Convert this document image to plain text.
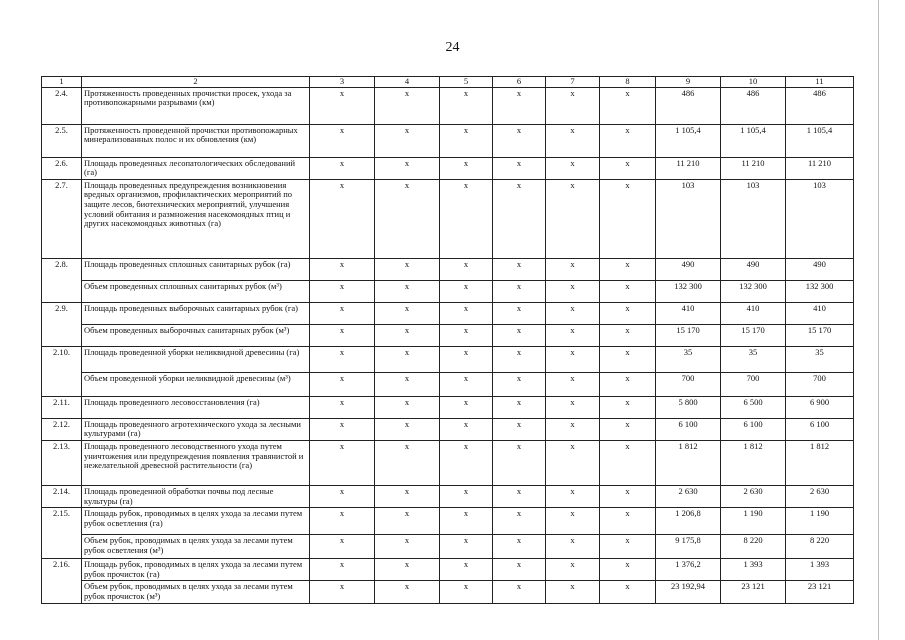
24
1	2	3	4	5	6	7	8	9	10	11
2.4.	Протяженность проведенных прочистки просек, ухода за противопожарными разрывами (км)	x	x	x	x	x	x	486	486	486
2.5.	Протяженность проведенной прочистки противопожарных минерализованных полос и их обновления (км)	x	x	x	x	x	x	1 105,4	1 105,4	1 105,4
2.6.	Площадь проведенных лесопатологических обследований (га)	x	x	x	x	x	x	11 210	11 210	11 210
2.7.	Площадь проведенных предупреждения возникновения вредных организмов, профилактических мероприятий по защите лесов, биотехнических мероприятий, улучшения условий обитания и размножения насекомоядных птиц и других насекомоядных животных (га)	x	x	x	x	x	x	103	103	103
2.8.	Площадь проведенных сплошных санитарных рубок (га)	x	x	x	x	x	x	490	490	490
	Объем проведенных сплошных санитарных рубок (м³)	x	x	x	x	x	x	132 300	132 300	132 300
2.9.	Площадь проведенных выборочных санитарных рубок (га)	x	x	x	x	x	x	410	410	410
	Объем проведенных выборочных санитарных рубок (м³)	x	x	x	x	x	x	15 170	15 170	15 170
2.10.	Площадь проведенной уборки неликвидной древесины (га)	x	x	x	x	x	x	35	35	35
	Объем проведенной уборки неликвидной древесины (м³)	x	x	x	x	x	x	700	700	700
2.11.	Площадь проведенного лесовосстановления (га)	x	x	x	x	x	x	5 800	6 500	6 900
2.12.	Площадь проведенного агротехнического ухода за лесными культурами (га)	x	x	x	x	x	x	6 100	6 100	6 100
2.13.	Площадь проведенного лесоводственного ухода путем уничтожения или предупреждения появления травянистой и нежелательной древесной растительности (га)	x	x	x	x	x	x	1 812	1 812	1 812
2.14.	Площадь проведенной обработки почвы под лесные культуры (га)	x	x	x	x	x	x	2 630	2 630	2 630
2.15.	Площадь рубок, проводимых в целях ухода за лесами путем рубок осветления (га)	x	x	x	x	x	x	1 206,8	1 190	1 190
	Объем рубок, проводимых в целях ухода за лесами путем рубок осветления (м³)	x	x	x	x	x	x	9 175,8	8 220	8 220
2.16.	Площадь рубок, проводимых в целях ухода за лесами путем рубок прочисток (га)	x	x	x	x	x	x	1 376,2	1 393	1 393
	Объем рубок, проводимых в целях ухода за лесами путем рубок прочисток (м³)	x	x	x	x	x	x	23 192,94	23 121	23 121
